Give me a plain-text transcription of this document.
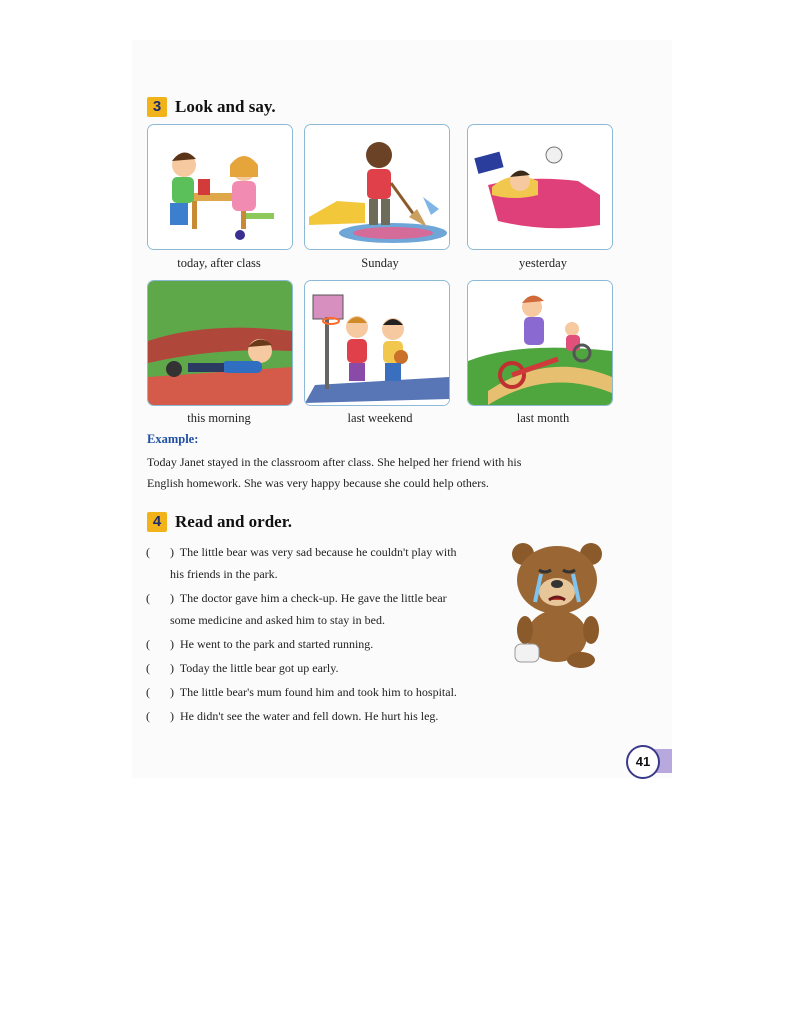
3 Look and say.
today, after class	Sunday	yesterday
this morning	last weekend	last month
Example:
Today Janet stayed in the classroom after class. She helped her friend with his
English homework. She was very happy because she could help others.
4 Read and order.
( ) The little bear was very sad because he couldn't play with
his friends in the park.
( ) The doctor gave him a check-up. He gave the little bear
some medicine and asked him to stay in bed.
( ) He went to the park and started running.
( ) Today the little bear got up early.
( ) The little bear's mum found him and took him to hospital.
( ) He didn't see the water and fell down. He hurt his leg.
41
